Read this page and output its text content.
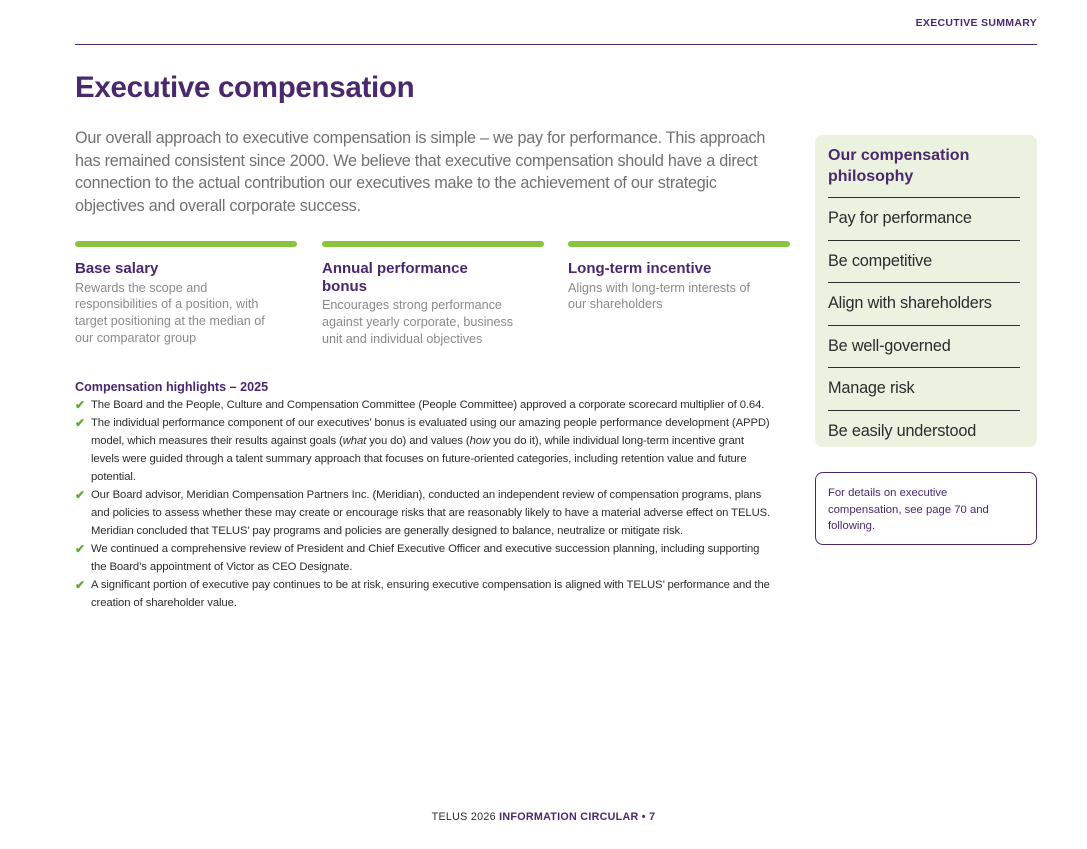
EXECUTIVE SUMMARY
Executive compensation

Our overall approach to executive compensation is simple – we pay for performance. This approach has remained consistent since 2000. We believe that executive compensation should have a direct connection to the actual contribution our executives make to the achievement of our strategic objectives and overall corporate success.

Base salary

Rewards the scope and responsibilities of a position, with target positioning at the median of our comparator group

Annual performance bonus

Encourages strong performance against yearly corporate, business unit and individual objectives

Long-term incentive

Aligns with long-term interests of our shareholders

Compensation highlights – 2025
✔ The Board and the People, Culture and Compensation Committee (People Committee) approved a corporate scorecard multiplier of 0.64.
✔ The individual performance component of our executives’ bonus is evaluated using our amazing people performance development (APPD) model, which measures their results against goals (what you do) and values (how you do it), while individual long-term incentive grant levels were guided through a talent summary approach that focuses on future-oriented categories, including retention value and future potential.
✔ Our Board advisor, Meridian Compensation Partners Inc. (Meridian), conducted an independent review of compensation programs, plans and policies to assess whether these may create or encourage risks that are reasonably likely to have a material adverse effect on TELUS. Meridian concluded that TELUS’ pay programs and policies are generally designed to balance, neutralize or mitigate risk.
✔ We continued a comprehensive review of President and Chief Executive Officer and executive succession planning, including supporting the Board’s appointment of Victor as CEO Designate.
✔ A significant portion of executive pay continues to be at risk, ensuring executive compensation is aligned with TELUS’ performance and the creation of shareholder value.
Our compensation philosophy
Pay for performance
Be competitive
Align with shareholders
Be well-governed
Manage risk
Be easily understood
For details on executive compensation, see page 70 and following.
TELUS 2026 INFORMATION CIRCULAR • 7
